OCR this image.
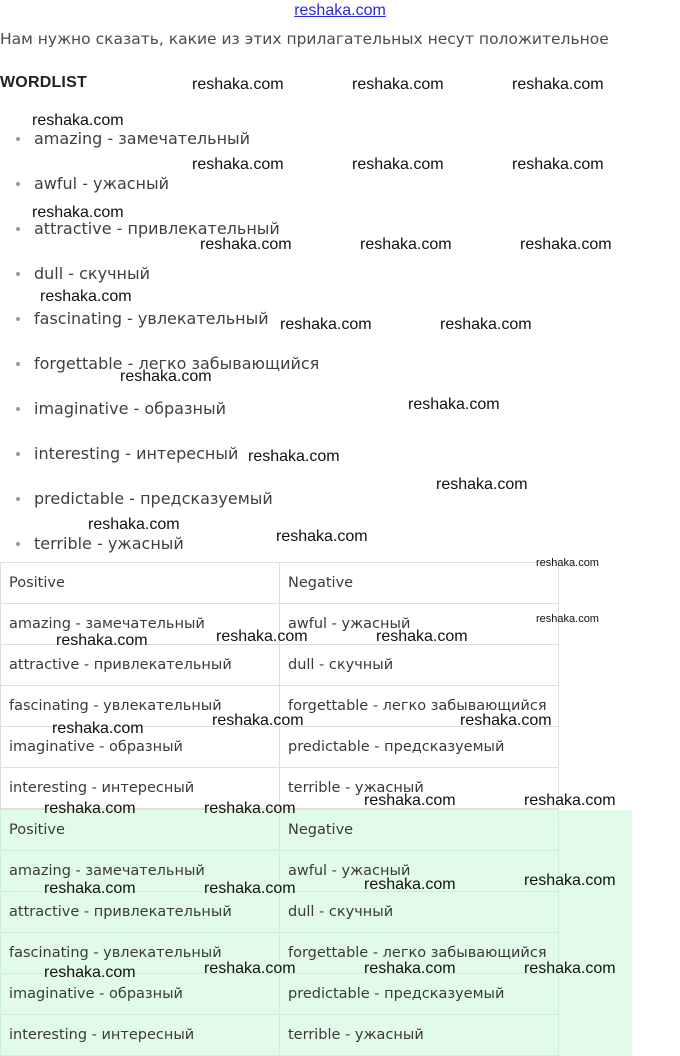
reshaka.com
Нам нужно сказать, какие из этих прилагательных несут положительное
WORDLIST
amazing - замечательный
awful - ужасный
attractive - привлекательный
dull - скучный
fascinating - увлекательный
forgettable - легко забывающийся
imaginative - образный
interesting - интересный
predictable - предсказуемый
terrible - ужасный
Positive	Negative
amazing - замечательный	awful - ужасный
attractive - привлекательный	dull - скучный
fascinating - увлекательный	forgettable - легко забывающийся
imaginative - образный	predictable - предсказуемый
interesting - интересный	terrible - ужасный
Positive	Negative
amazing - замечательный	awful - ужасный
attractive - привлекательный	dull - скучный
fascinating - увлекательный	forgettable - легко забывающийся
imaginative - образный	predictable - предсказуемый
interesting - интересный	terrible - ужасный
reshaka.com	reshaka.com	reshaka.com
reshaka.com
reshaka.com	reshaka.com	reshaka.com
reshaka.com
reshaka.com	reshaka.com	reshaka.com
reshaka.com
reshaka.com	reshaka.com
reshaka.com
reshaka.com
reshaka.com
reshaka.com
reshaka.com
reshaka.com
reshaka.com
reshaka.com
reshaka.com	reshaka.com	reshaka.com
reshaka.com	reshaka.com	reshaka.com
reshaka.com	reshaka.com	reshaka.com	reshaka.com
reshaka.com	reshaka.com	reshaka.com	reshaka.com
reshaka.com	reshaka.com	reshaka.com	reshaka.com
